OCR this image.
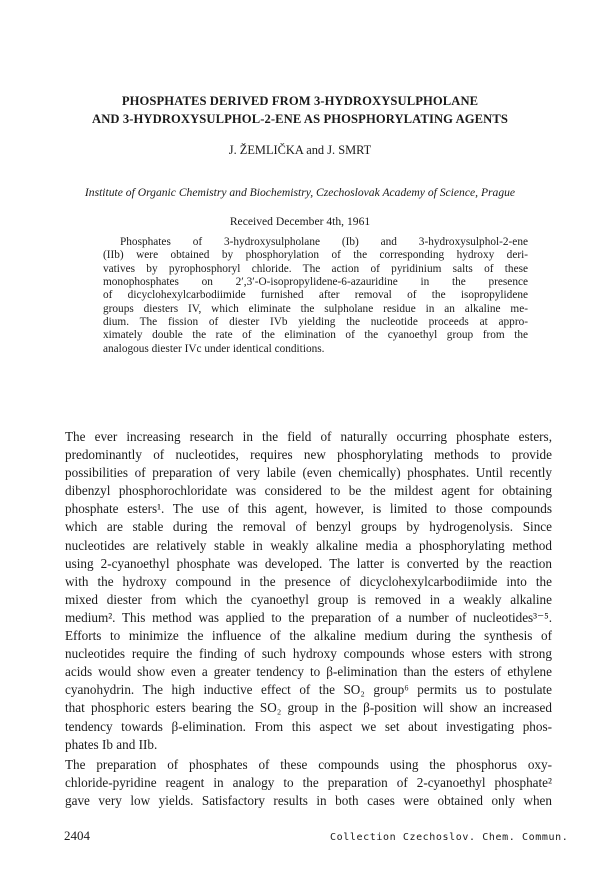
PHOSPHATES DERIVED FROM 3-HYDROXYSULPHOLANE
AND 3-HYDROXYSULPHOL-2-ENE AS PHOSPHORYLATING AGENTS
J. ŽEMLIČKA and J. SMRT
Institute of Organic Chemistry and Biochemistry, Czechoslovak Academy of Science, Prague
Received December 4th, 1961
Phosphates of 3-hydroxysulpholane (Ib) and 3-hydroxysulphol-2-ene
(IIb) were obtained by phosphorylation of the corresponding hydroxy deri-
vatives by pyrophosphoryl chloride. The action of pyridinium salts of these
monophosphates on 2′,3′-O-isopropylidene-6-azauridine in the presence
of dicyclohexylcarbodiimide furnished after removal of the isopropylidene
groups diesters IV, which eliminate the sulpholane residue in an alkaline me-
dium. The fission of diester IVb yielding the nucleotide proceeds at appro-
ximately double the rate of the elimination of the cyanoethyl group from the
analogous diester IVc under identical conditions.
The ever increasing research in the field of naturally occurring phosphate esters,
predominantly of nucleotides, requires new phosphorylating methods to provide
possibilities of preparation of very labile (even chemically) phosphates. Until recently
dibenzyl phosphorochloridate was considered to be the mildest agent for obtaining
phosphate esters¹. The use of this agent, however, is limited to those compounds
which are stable during the removal of benzyl groups by hydrogenolysis. Since
nucleotides are relatively stable in weakly alkaline media a phosphorylating method
using 2-cyanoethyl phosphate was developed. The latter is converted by the reaction
with the hydroxy compound in the presence of dicyclohexylcarbodiimide into the
mixed diester from which the cyanoethyl group is removed in a weakly alkaline
medium². This method was applied to the preparation of a number of nucleotides³⁻⁵.
Efforts to minimize the influence of the alkaline medium during the synthesis of
nucleotides require the finding of such hydroxy compounds whose esters with strong
acids would show even a greater tendency to β-elimination than the esters of ethylene
cyanohydrin. The high inductive effect of the SO₂ group⁶ permits us to postulate
that phosphoric esters bearing the SO₂ group in the β-position will show an increased
tendency towards β-elimination. From this aspect we set about investigating phos-
phates Ib and IIb.
The preparation of phosphates of these compounds using the phosphorus oxy-
chloride-pyridine reagent in analogy to the preparation of 2-cyanoethyl phosphate²
gave very low yields. Satisfactory results in both cases were obtained only when
2404	Collection Czechoslov. Chem. Commun.
